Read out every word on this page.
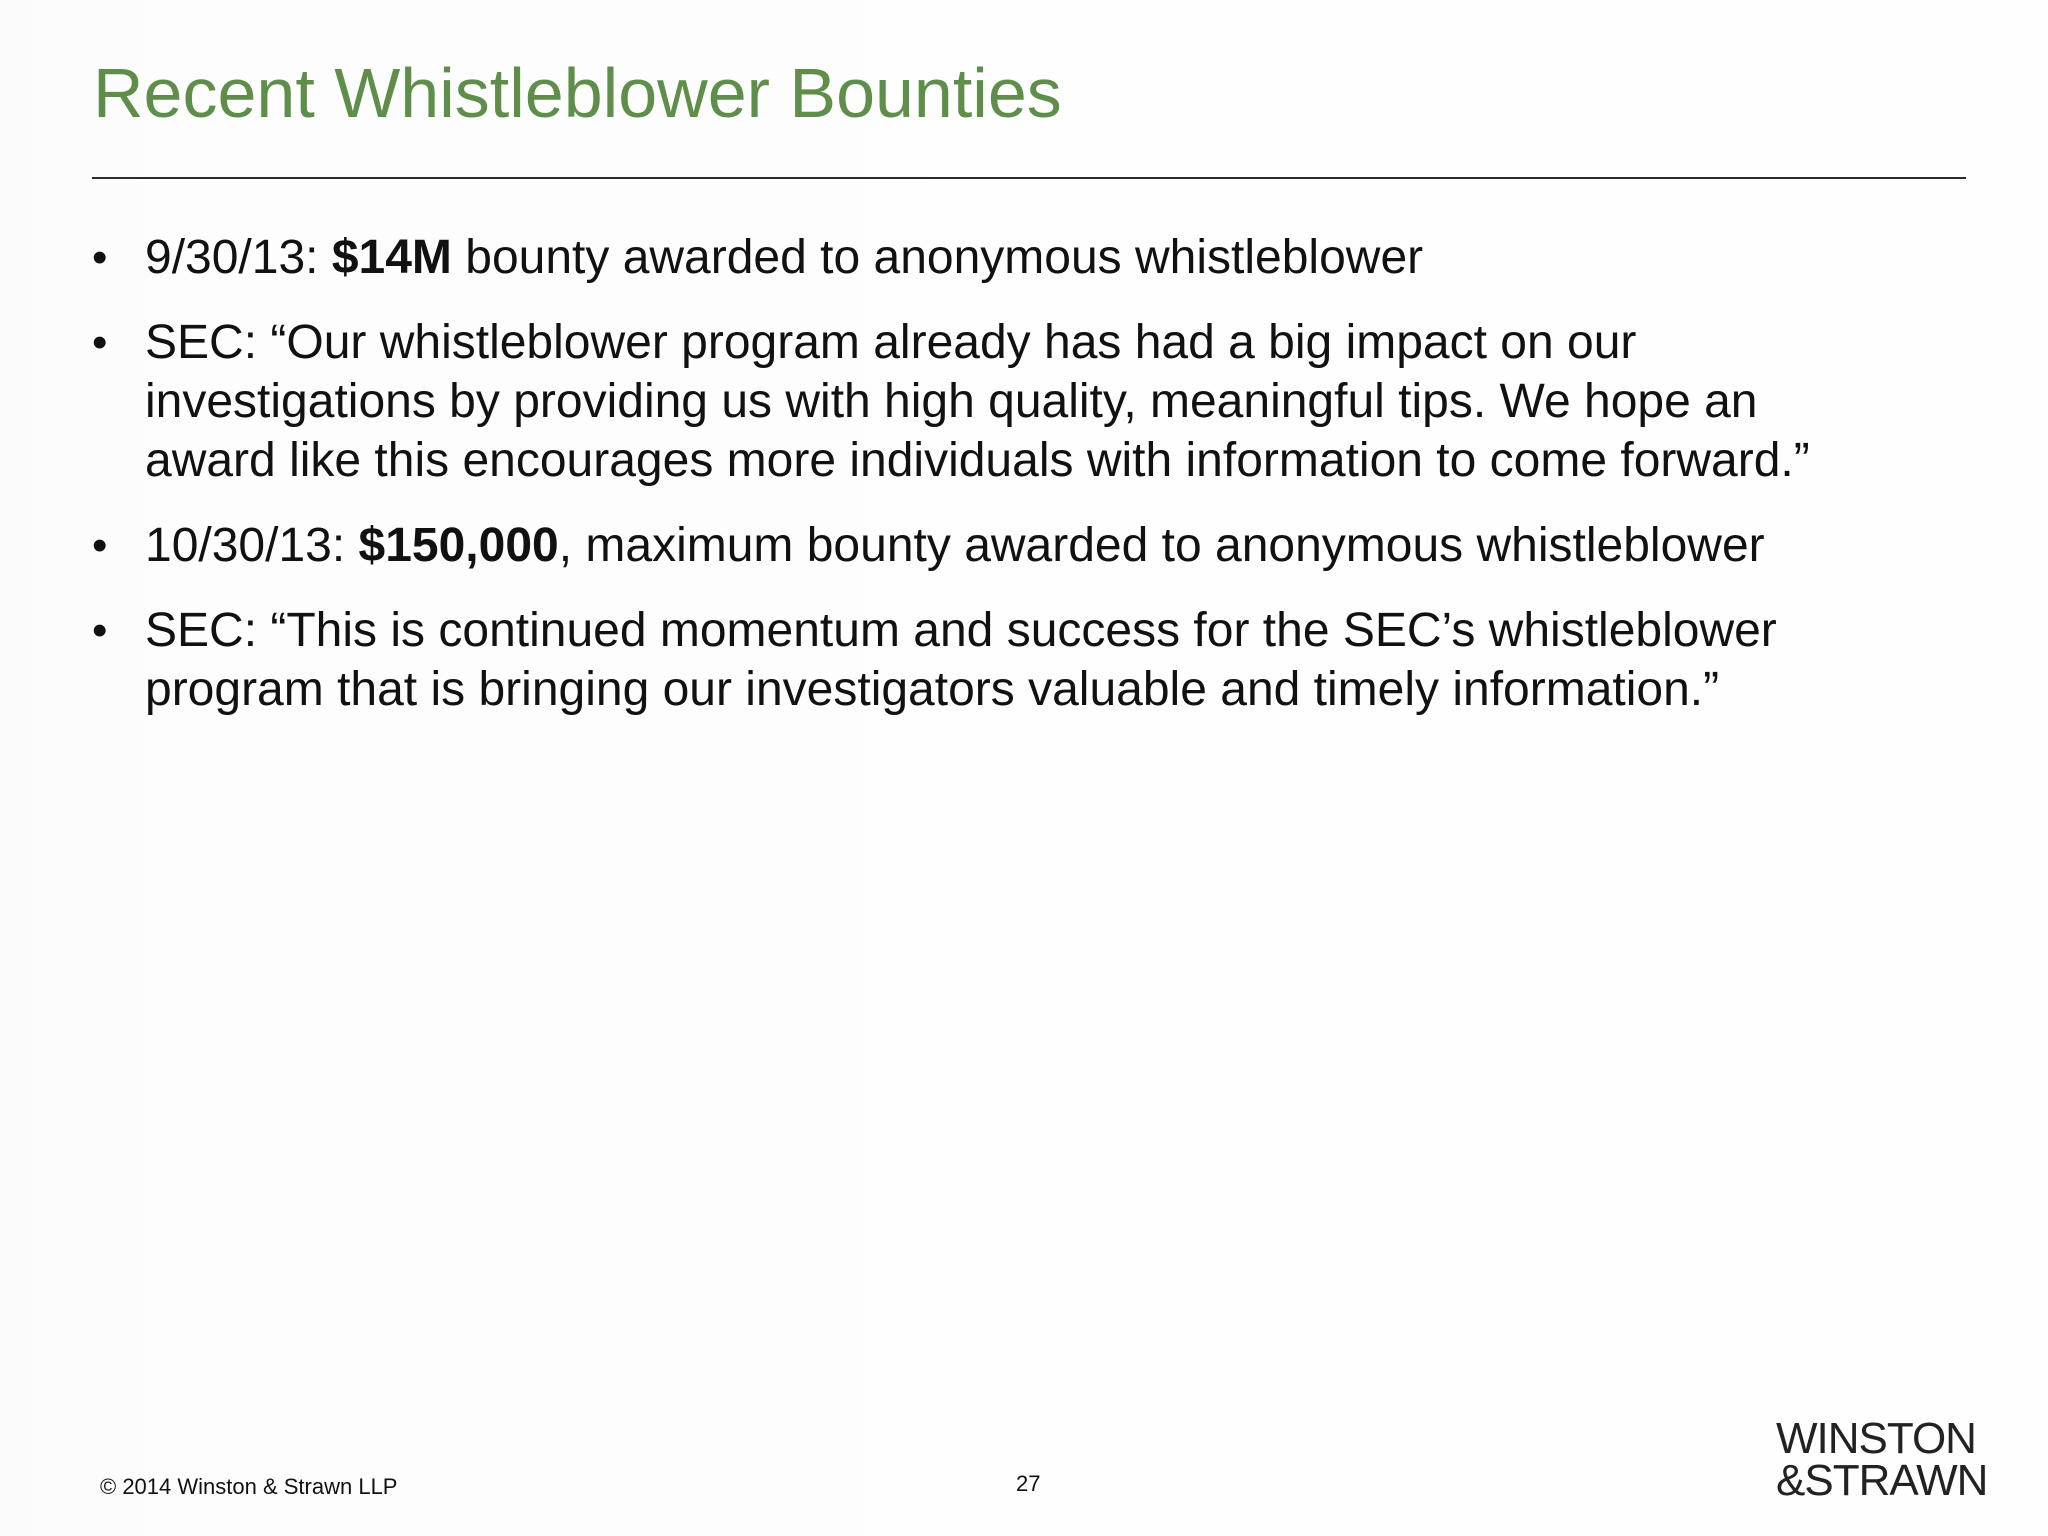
Recent Whistleblower Bounties
• 9/30/13: $14M bounty awarded to anonymous whistleblower
• SEC: “Our whistleblower program already has had a big impact on our
investigations by providing us with high quality, meaningful tips. We hope an
award like this encourages more individuals with information to come forward.”
• 10/30/13: $150,000, maximum bounty awarded to anonymous whistleblower
• SEC: “This is continued momentum and success for the SEC’s whistleblower
program that is bringing our investigators valuable and timely information.”
© 2014 Winston & Strawn LLP	27
WINSTON
&STRAWN
